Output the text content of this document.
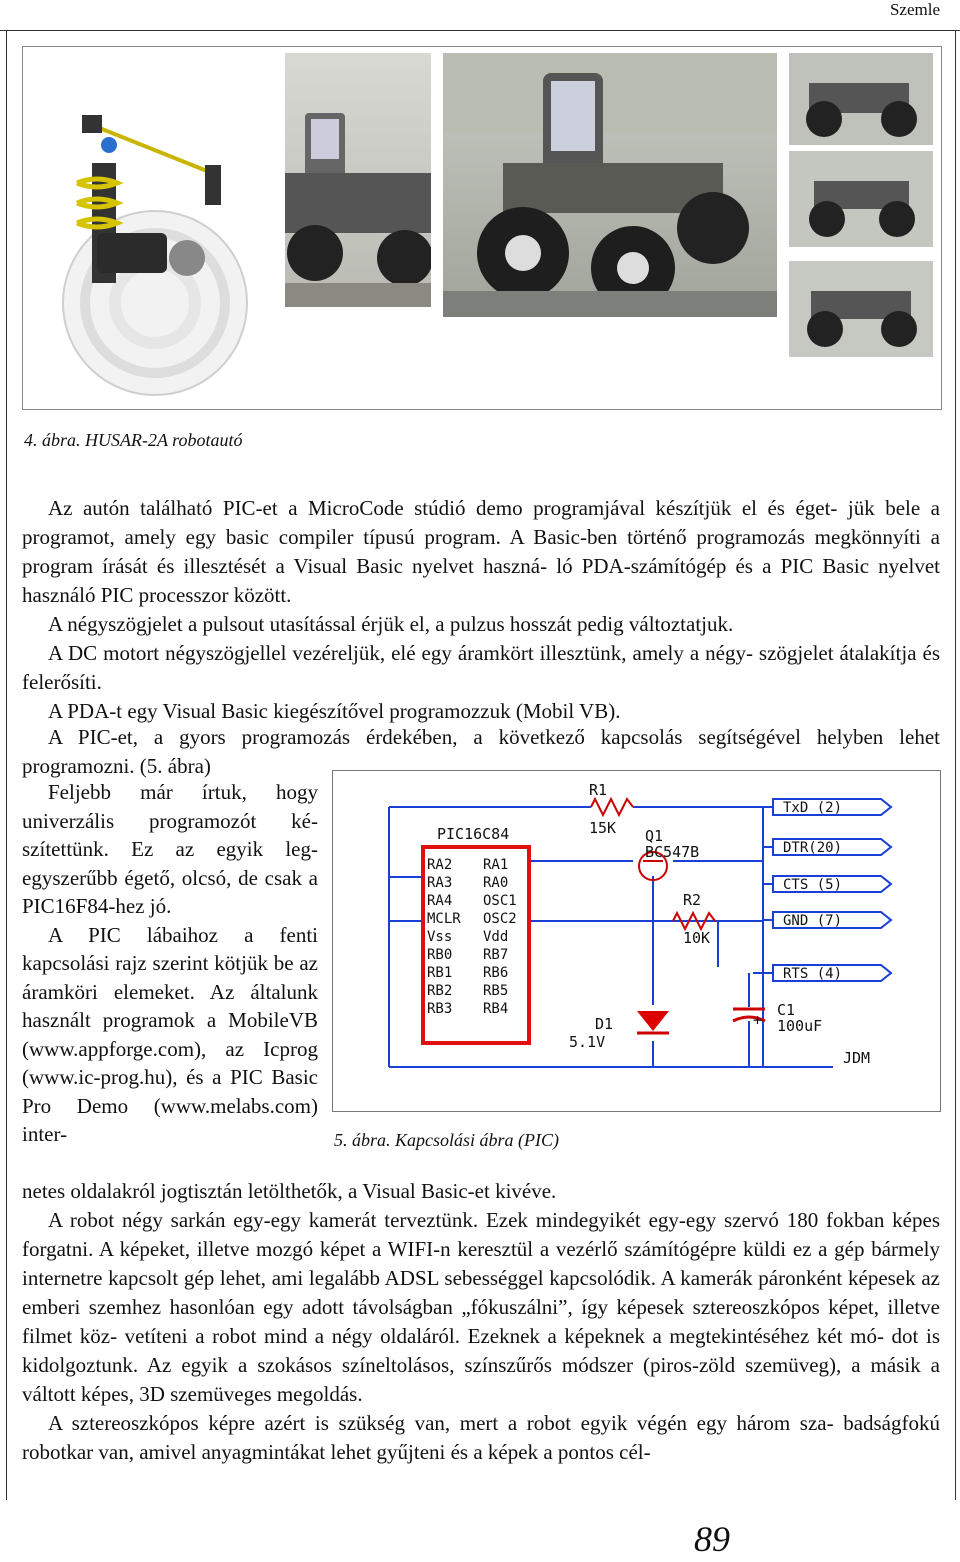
Szemle
4. ábra. HUSAR-2A robotautó

Az autón található PIC-et a MicroCode stúdió demo programjával készítjük el és éget- jük bele a programot, amely egy basic compiler típusú program. A Basic-ben történő programozás megkönnyíti a program írását és illesztését a Visual Basic nyelvet haszná- ló PDA-számítógép és a PIC Basic nyelvet használó PIC processzor között.

A négyszögjelet a pulsout utasítással érjük el, a pulzus hosszát pedig változtatjuk.

A DC motort négyszögjellel vezéreljük, elé egy áramkört illesztünk, amely a négy- szögjelet átalakítja és felerősíti.

A PDA-t egy Visual Basic kiegészítővel programozzuk (Mobil VB).

A PIC-et, a gyors programozás érdekében, a következő kapcsolás segítségével helyben lehet programozni. (5. ábra)

Feljebb már írtuk, hogy univerzális programozót ké- szítettünk. Ez az egyik leg- egyszerűbb égető, olcsó, de csak a PIC16F84-hez jó.

A PIC lábaihoz a fenti kapcsolási rajz szerint kötjük be az áramköri elemeket. Az általunk használt programok a MobileVB (www.appforge.com), az Icprog (www.ic-prog.hu), és a PIC Basic Pro Demo (www.melabs.com) inter-

PIC16C84
R1
15K Q1
BC547B
R2
10K
D1
5.1V
C1
100uF
+
JDM
RA2
RA3
RA4
MCLR
Vss
RB0
RB1
RB2
RB3
RA1
RA0
OSC1
OSC2
Vdd
RB7
RB6
RB5
RB4
TxD (2)
DTR(20)
CTS (5)
GND (7)
RTS (4)
5. ábra. Kapcsolási ábra (PIC)

netes oldalakról jogtisztán letölthetők, a Visual Basic-et kivéve.

A robot négy sarkán egy-egy kamerát terveztünk. Ezek mindegyikét egy-egy szervó 180 fokban képes forgatni. A képeket, illetve mozgó képet a WIFI-n keresztül a vezérlő számítógépre küldi ez a gép bármely internetre kapcsolt gép lehet, ami legalább ADSL sebességgel kapcsolódik. A kamerák páronként képesek az emberi szemhez hasonlóan egy adott távolságban „fókuszálni”, így képesek sztereoszkópos képet, illetve filmet köz- vetíteni a robot mind a négy oldaláról. Ezeknek a képeknek a megtekintéséhez két mó- dot is kidolgoztunk. Az egyik a szokásos színeltolásos, színszűrős módszer (piros-zöld szemüveg), a másik a váltott képes, 3D szemüveges megoldás.

A sztereoszkópos képre azért is szükség van, mert a robot egyik végén egy három sza- badságfokú robotkar van, amivel anyagmintákat lehet gyűjteni és a képek a pontos cél-

89
